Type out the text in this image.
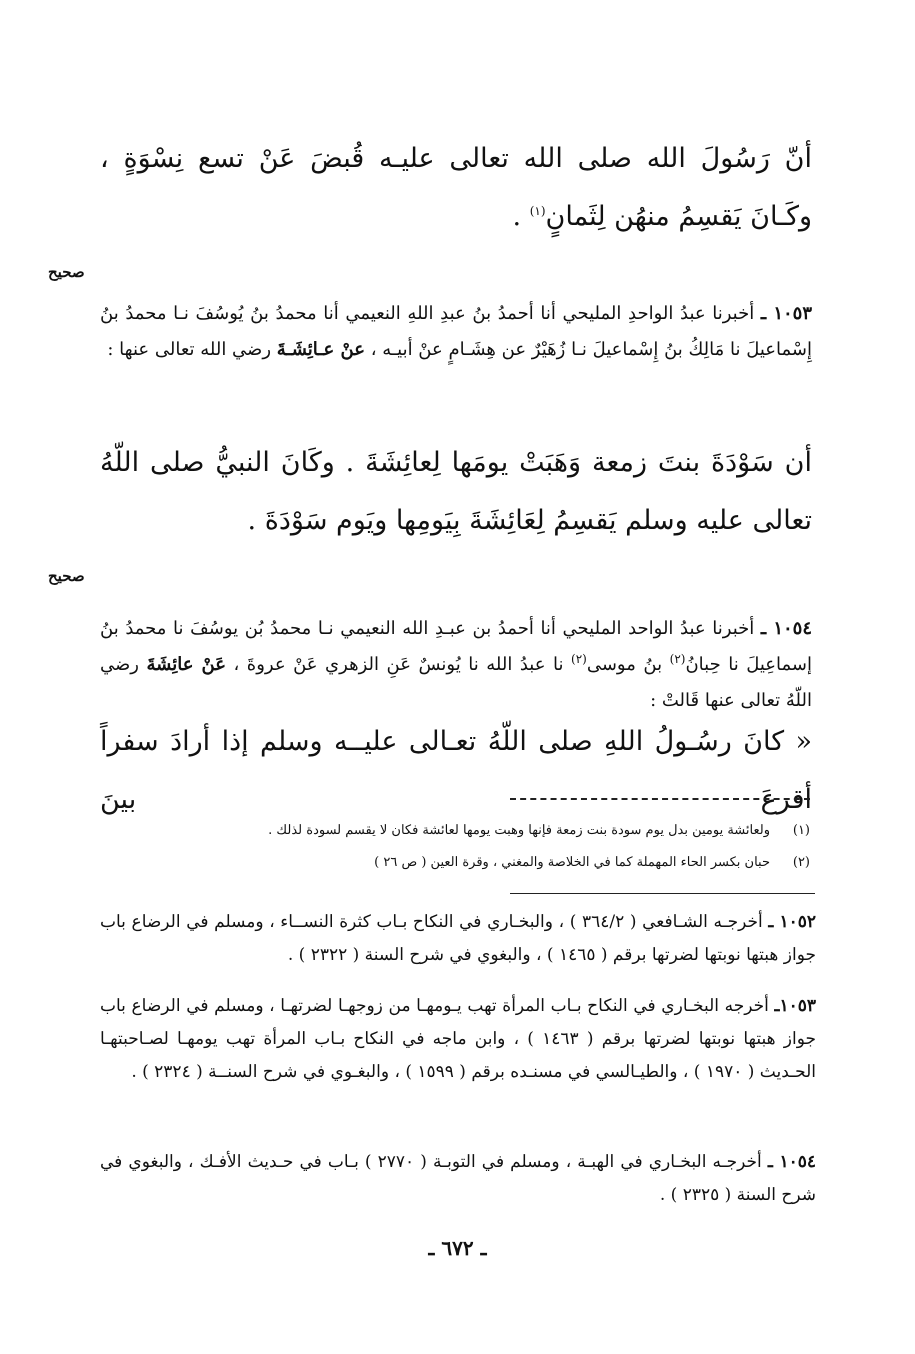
أنّ رَسُولَ الله صلى الله تعالى عليـه قُبضَ عَنْ تسع نِسْوَةٍ ، وكَـانَ يَقسِمُ منهُن لِثَمانٍ$^{(١)}$ .
صحيح
١٠٥٣ ـ أخبرنا عبدُ الواحدِ المليحي أنا أحمدُ بنُ عبدِ اللهِ النعيمي أنا محمدُ بنُ يُوسُفَ نـا محمدُ بنُ إِسْماعيلَ نا مَالِكُ بنُ إِسْماعيلَ نـا زُهَيْرٌ عن هِشَـامٍ عنْ أبيـه ، عنْ عـائِشَـةَ رضي الله تعالى عنها :
أن سَوْدَةَ بنتَ زمعة وَهَبَتْ يومَها لِعائِشَةَ . وكَانَ النبيُّ صلى اللّهُ تعالى عليه وسلم يَقسِمُ لِعَائِشَةَ بِيَومِها ويَوم سَوْدَةَ .
صحيح
١٠٥٤ ـ أخبرنا عبدُ الواحد المليحي أنا أحمدُ بن عبـدِ الله النعيمي نـا محمدُ بُن يوسُفَ نا محمدُ بنُ إسماعِيلَ نا حِبانُ$^{(٢)}$ بنُ موسى$^{(٢)}$ نا عبدُ الله نا يُونسٌ عَنِ الزهري عَنْ عروةَ ، عَنْ عائِشَةَ رضي اللّهُ تعالى عنها قَالتْ :
« كانَ رسُـولُ اللهِ صلى اللّهُ تعـالى عليــه وسلم إذا أرادَ سفراً أقرعَ بينَ
(١)
ولعائشة يومين بدل يوم سودة بنت زمعة فإنها وهبت يومها لعائشة فكان لا يقسم لسودة لذلك .
(٢)
حبان بكسر الحاء المهملة كما في الخلاصة والمغني ، وقرة العين ( ص ٢٦ )
١٠٥٢ ـ أخرجـه الشـافعي ( ٣٦٤/٢ ) ، والبخـاري في النكاح بـاب كثرة النســاء ، ومسلم في الرضاع باب جواز هبتها نوبتها لضرتها برقم ( ١٤٦٥ ) ، والبغوي في شرح السنة ( ٢٣٢٢ ) .
١٠٥٣ـ أخرجه البخـاري في النكاح بـاب المرأة تهب يـومهـا من زوجهـا لضرتهـا ، ومسلم في الرضاع باب جواز هبتها نوبتها لضرتها برقم ( ١٤٦٣ ) ، وابن ماجه في النكاح بـاب المرأة تهب يومهـا لصـاحبتهـا الحـديث ( ١٩٧٠ ) ، والطيـالسي في مسنـده برقم ( ١٥٩٩ ) ، والبغـوي في شرح السنــة ( ٢٣٢٤ ) .
١٠٥٤ ـ أخرجـه البخـاري في الهبـة ، ومسلم في التوبـة ( ٢٧٧٠ ) بـاب في حـديث الأفـك ، والبغوي في شرح السنة ( ٢٣٢٥ ) .
ـ ٦٧٢ ـ
